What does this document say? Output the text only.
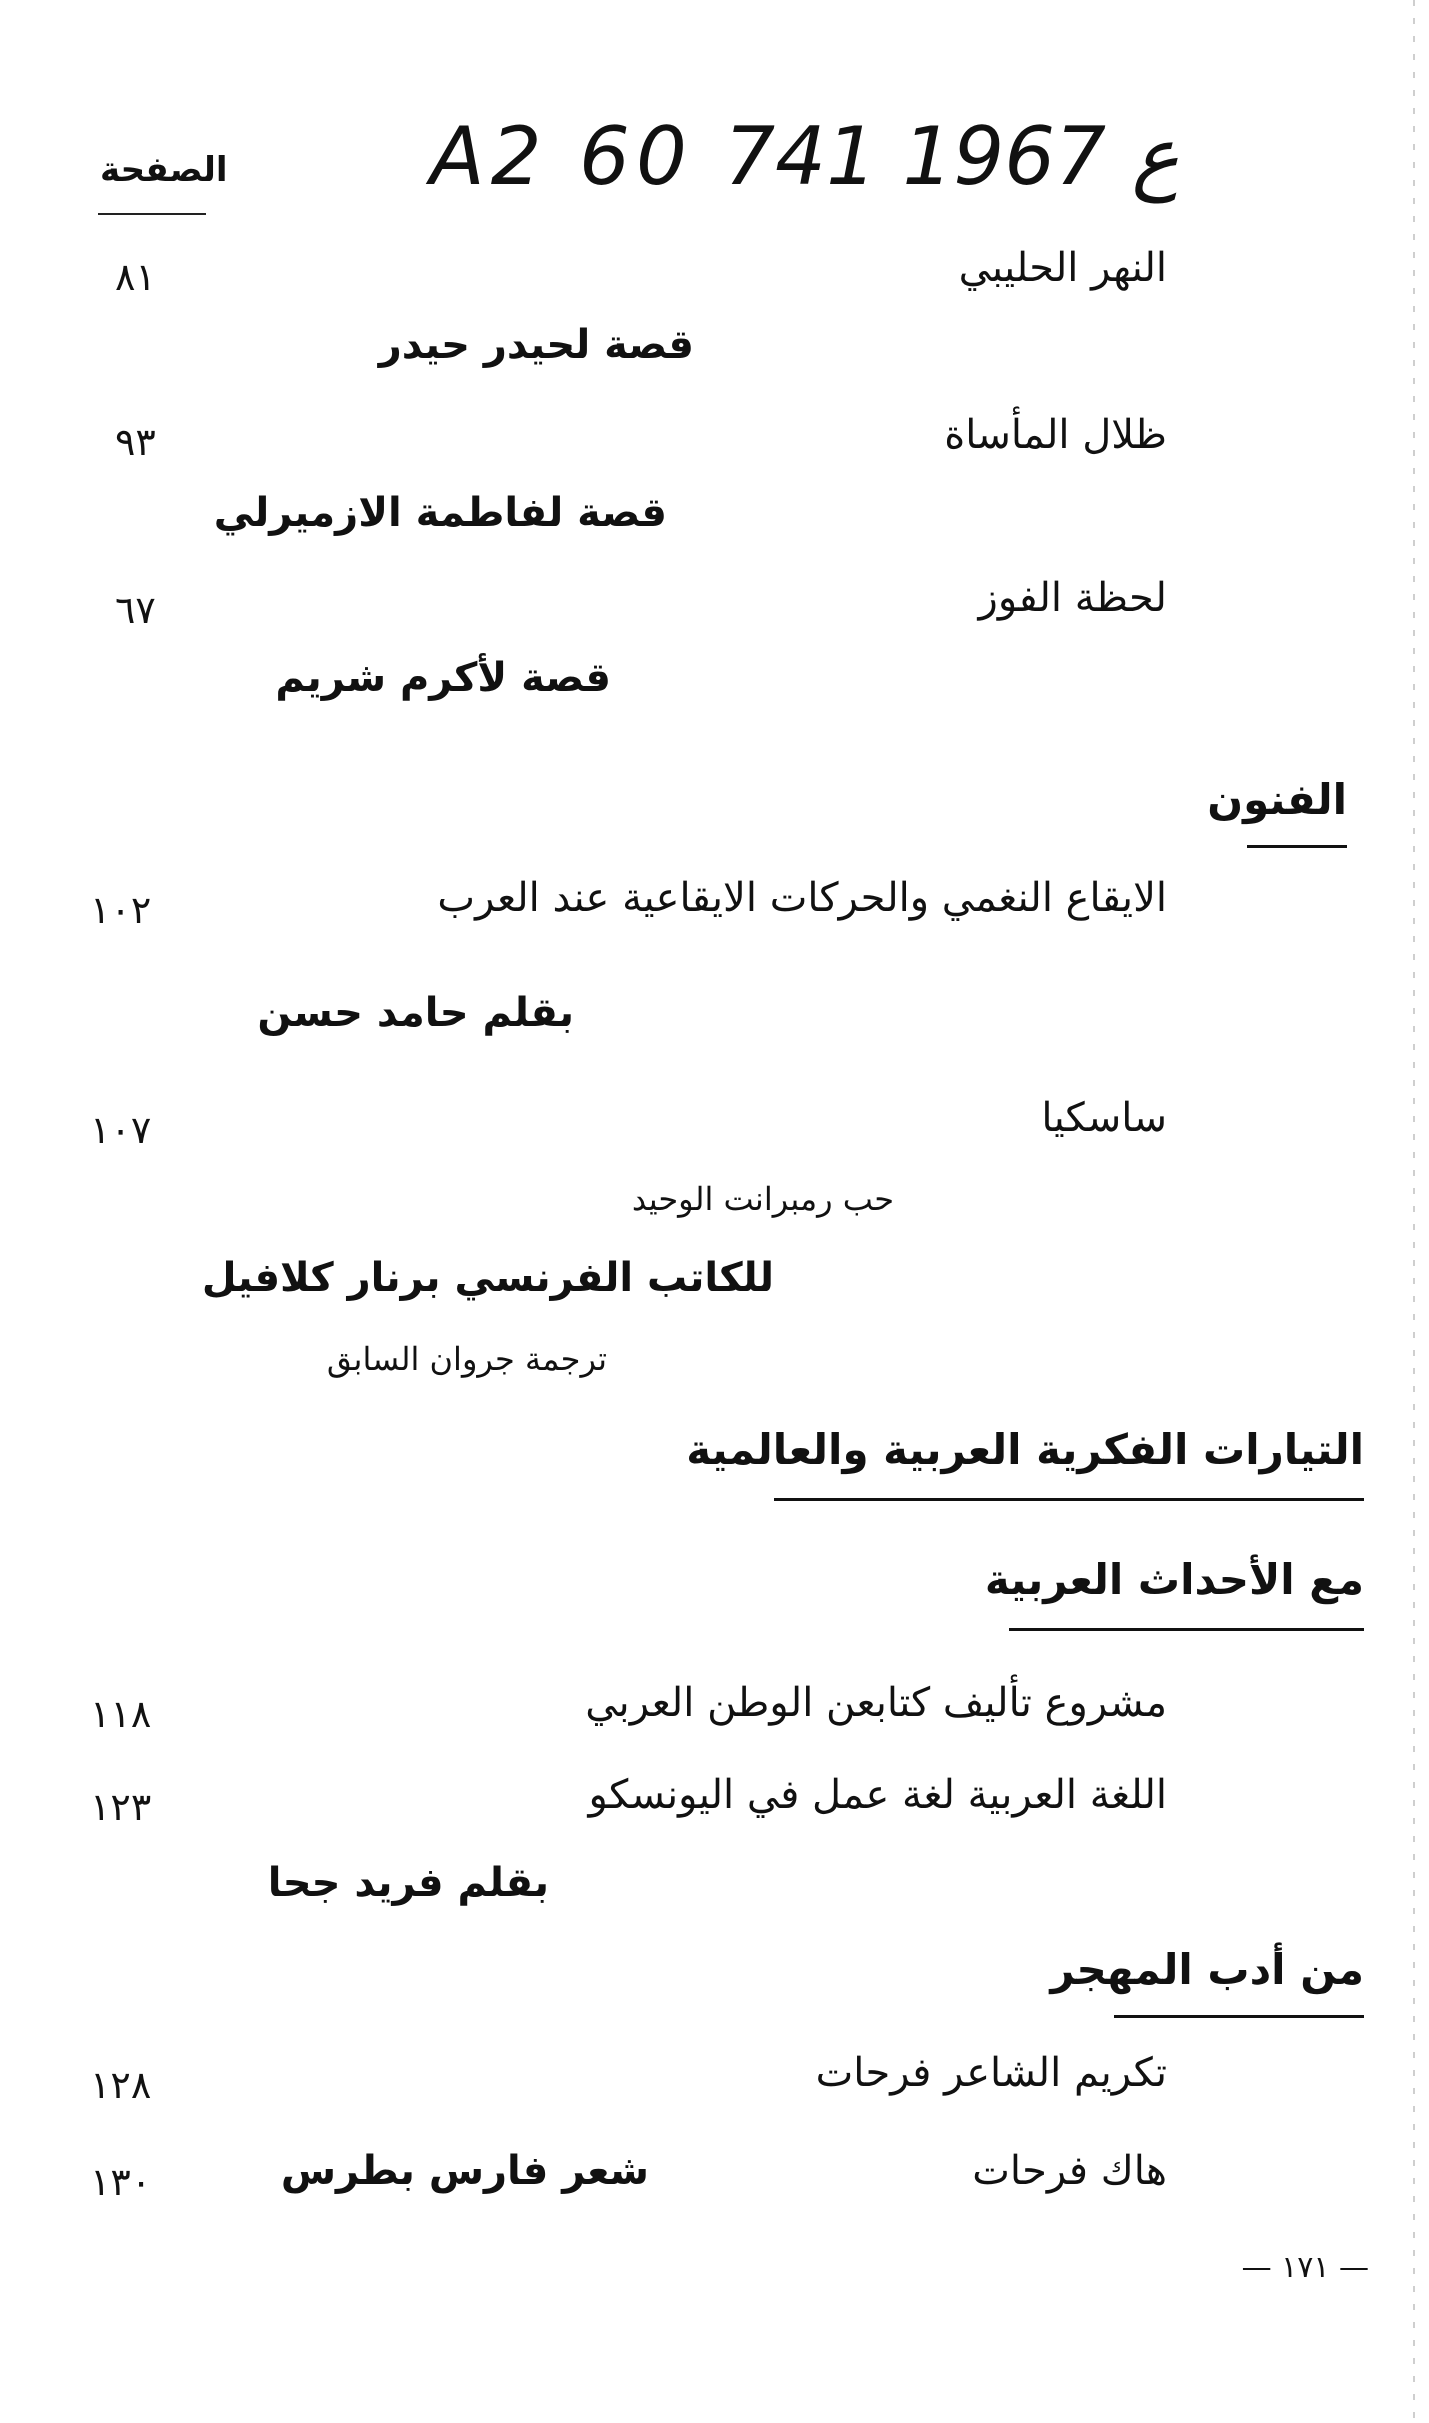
A2 60 ع 1967 741
الصفحة
النهر الحليبي
٨١
قصة لحيدر حيدر
ظلال المأساة
٩٣
قصة لفاطمة الازميرلي
لحظة الفوز
٦٧
قصة لأكرم شريم
الفنون
الايقاع النغمي والحركات الايقاعية عند العرب
١٠٢
بقلم حامد حسن
ساسكيا
١٠٧
حب رمبرانت الوحيد
للكاتب الفرنسي برنار كلافيل
ترجمة جروان السابق
التيارات الفكرية العربية والعالمية
مع الأحداث العربية
مشروع تأليف كتابعن الوطن العربي
١١٨
اللغة العربية لغة عمل في اليونسكو
١٢٣
بقلم فريد جحا
من أدب المهجر
تكريم الشاعر فرحات
١٢٨
هاك فرحات
شعر فارس بطرس
١٣٠
— ١٧١ —
